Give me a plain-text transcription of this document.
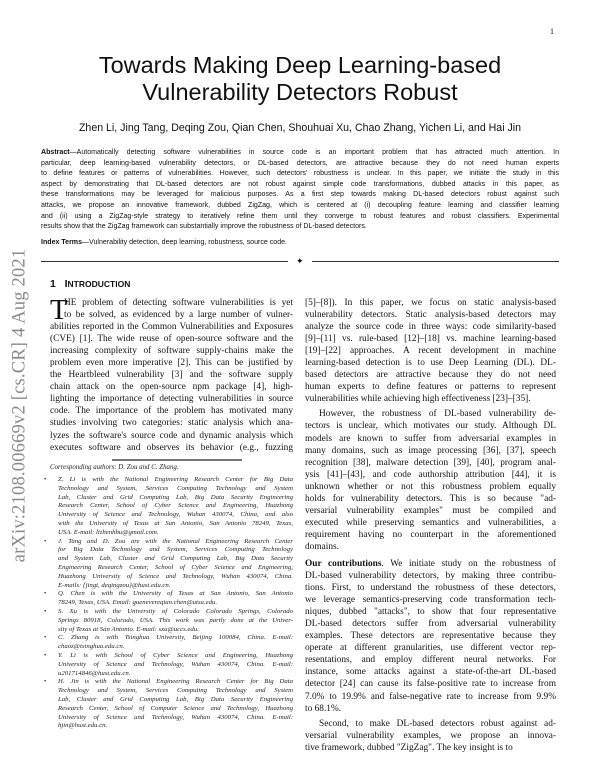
arXiv:2108.00669v2 [cs.CR] 4 Aug 2021
1
Towards Making Deep Learning-based
Vulnerability Detectors Robust
Zhen Li, Jing Tang, Deqing Zou, Qian Chen, Shouhuai Xu, Chao Zhang, Yichen Li, and Hai Jin
Abstract—Automatically detecting software vulnerabilities in source code is an important problem that has attracted much attention. In
particular, deep learning-based vulnerability detectors, or DL-based detectors, are attractive because they do not need human experts
to define features or patterns of vulnerabilities. However, such detectors' robustness is unclear. In this paper, we initiate the study in this
aspect by demonstrating that DL-based detectors are not robust against simple code transformations, dubbed attacks in this paper, as
these transformations may be leveraged for malicious purposes. As a first step towards making DL-based detectors robust against such
attacks, we propose an innovative framework, dubbed ZigZag, which is centered at (i) decoupling feature learning and classifier learning
and (ii) using a ZigZag-style strategy to iteratively refine them until they converge to robust features and robust classifiers. Experimental
results show that the ZigZag framework can substantially improve the robustness of DL-based detectors.
Index Terms—Vulnerability detection, deep learning, robustness, source code.
✦
1 INTRODUCTION
T
HE problem of detecting software vulnerabilities is yet
to be solved, as evidenced by a large number of vulner-
abilities reported in the Common Vulnerabilities and Exposures
(CVE) [1]. The wide reuse of open-source software and the
increasing complexity of software supply-chains make the
problem even more imperative [2]. This can be justified by
the Heartbleed vulnerability [3] and the software supply
chain attack on the open-source npm package [4], high-
lighting the importance of detecting vulnerabilities in source
code. The importance of the problem has motivated many
studies involving two categories: static analysis which ana-
lyzes the software's source code and dynamic analysis which
executes software and observes its behavior (e.g., fuzzing
Corresponding authors: D. Zou and C. Zhang.
• Z. Li is with the National Engineering Research Center for Big Data
Technology and System, Services Computing Technology and System
Lab, Cluster and Grid Computing Lab, Big Data Security Engineering
Research Center, School of Cyber Science and Engineering, Huazhong
University of Science and Technology, Wuhan 430074, China, and also
with the University of Texas at San Antonio, San Antonio 78249, Texas,
USA. E-mail: lizhenhbu@gmail.com.
• J. Tang and D. Zou are with the National Engineering Research Center
for Big Data Technology and System, Services Computing Technology
and System Lab, Cluster and Grid Computing Lab, Big Data Security
Engineering Research Center, School of Cyber Science and Engineering,
Huazhong University of Science and Technology, Wuhan 430074, China.
E-mails: {jingt, deqingzou}@hust.edu.cn.
• Q. Chen is with the University of Texas at San Antonio, San Antonio
78249, Texas, USA. Email: guenevereqian.chen@utsa.edu.
• S. Xu is with the University of Colorado Colorado Springs, Colorado
Springs 80918, Colorado, USA. This work was partly done at the Univer-
sity of Texas at San Antonio. E-mail: sxu@uccs.edu.
• C. Zhang is with Tsinghua University, Beijing 100084, China. E-mail:
chaoz@tsinghua.edu.cn.
• Y. Li is with School of Cyber Science and Engineering, Huazhong
University of Science and Technology, Wuhan 430074, China. E-mail:
u201714846@hust.edu.cn.
• H. Jin is with the National Engineering Research Center for Big Data
Technology and System, Services Computing Technology and System
Lab, Cluster and Grid Computing Lab, Big Data Security Engineering
Research Center, School of Computer Science and Technology, Huazhong
University of Science and Technology, Wuhan 430074, China. E-mail:
hjin@hust.edu.cn.
[5]–[8]). In this paper, we focus on static analysis-based
vulnerability detectors. Static analysis-based detectors may
analyze the source code in three ways: code similarity-based
[9]–[11] vs. rule-based [12]–[18] vs. machine learning-based
[19]–[22] approaches. A recent development in machine
learning-based detection is to use Deep Learning (DL). DL-
based detectors are attractive because they do not need
human experts to define features or patterns to represent
vulnerabilities while achieving high effectiveness [23]–[35].
However, the robustness of DL-based vulnerability de-
tectors is unclear, which motivates our study. Although DL
models are known to suffer from adversarial examples in
many domains, such as image processing [36], [37], speech
recognition [38], malware detection [39], [40], program anal-
ysis [41]–[43], and code authorship attribution [44], it is
unknown whether or not this robustness problem equally
holds for vulnerability detectors. This is so because "ad-
versarial vulnerability examples" must be compiled and
executed while preserving semantics and vulnerabilities, a
requirement having no counterpart in the aforementioned
domains.
Our contributions. We initiate study on the robustness of
DL-based vulnerability detectors, by making three contribu-
tions. First, to understand the robustness of these detectors,
we leverage semantics-preserving code transformation tech-
niques, dubbed "attacks", to show that four representative
DL-based detectors suffer from adversarial vulnerability
examples. These detectors are representative because they
operate at different granularities, use different vector rep-
resentations, and employ different neural networks. For
instance, some attacks against a state-of-the-art DL-based
detector [24] can cause its false-positive rate to increase from
7.0% to 19.9% and false-negative rate to increase from 9.9%
to 68.1%.
Second, to make DL-based detectors robust against ad-
versarial vulnerability examples, we propose an innova-
tive framework, dubbed "ZigZag". The key insight is to
